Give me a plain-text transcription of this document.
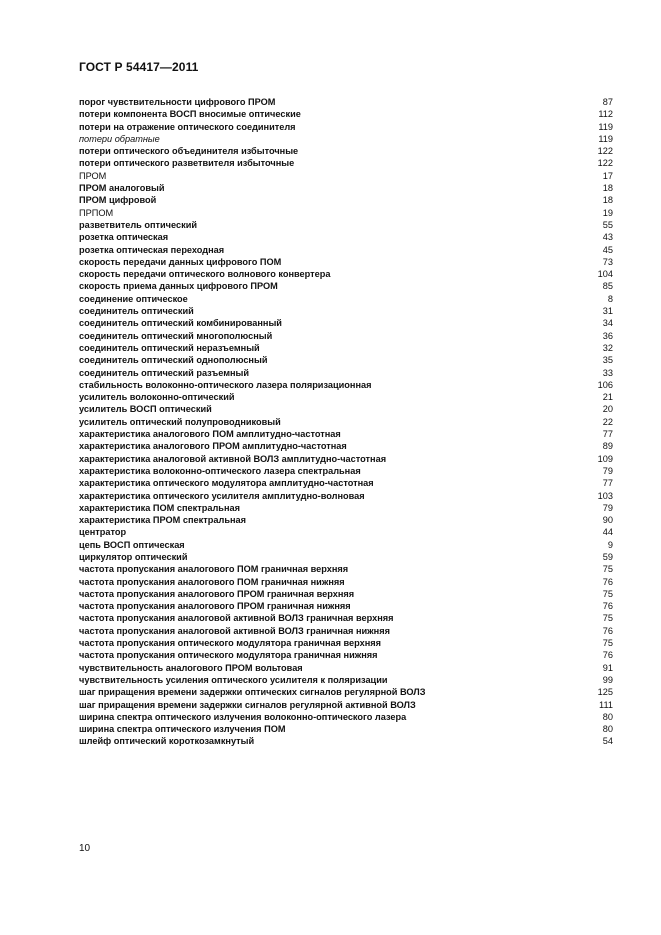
ГОСТ Р 54417—2011
порог чувствительности цифрового ПРОМ	87
потери компонента ВОСП вносимые оптические	112
потери на отражение оптического соединителя	119
потери обратные	119
потери оптического объединителя избыточные	122
потери оптического разветвителя избыточные	122
ПРОМ	17
ПРОМ аналоговый	18
ПРОМ цифровой	18
ПРПОМ	19
разветвитель оптический	55
розетка оптическая	43
розетка оптическая переходная	45
скорость передачи данных цифрового ПОМ	73
скорость передачи оптического волнового конвертера	104
скорость приема данных цифрового ПРОМ	85
соединение оптическое	8
соединитель оптический	31
соединитель оптический комбинированный	34
соединитель оптический многополюсный	36
соединитель оптический неразъемный	32
соединитель оптический однополюсный	35
соединитель оптический разъемный	33
стабильность волоконно-оптического лазера поляризационная	106
усилитель волоконно-оптический	21
усилитель ВОСП оптический	20
усилитель оптический полупроводниковый	22
характеристика аналогового ПОМ амплитудно-частотная	77
характеристика аналогового ПРОМ амплитудно-частотная	89
характеристика аналоговой активной ВОЛЗ амплитудно-частотная	109
характеристика волоконно-оптического лазера спектральная	79
характеристика оптического модулятора амплитудно-частотная	77
характеристика оптического усилителя амплитудно-волновая	103
характеристика ПОМ спектральная	79
характеристика ПРОМ спектральная	90
центратор	44
цепь ВОСП оптическая	9
циркулятор оптический	59
частота пропускания аналогового ПОМ граничная верхняя	75
частота пропускания аналогового ПОМ граничная нижняя	76
частота пропускания аналогового ПРОМ граничная верхняя	75
частота пропускания аналогового ПРОМ граничная нижняя	76
частота пропускания аналоговой активной ВОЛЗ граничная верхняя	75
частота пропускания аналоговой активной ВОЛЗ граничная нижняя	76
частота пропускания оптического модулятора граничная верхняя	75
частота пропускания оптического модулятора граничная нижняя	76
чувствительность аналогового ПРОМ вольтовая	91
чувствительность усиления оптического усилителя к поляризации	99
шаг приращения времени задержки оптических сигналов регулярной ВОЛЗ	125
шаг приращения времени задержки сигналов регулярной активной ВОЛЗ	111
ширина спектра оптического излучения волоконно-оптического лазера	80
ширина спектра оптического излучения ПОМ	80
шлейф оптический короткозамкнутый	54
10
